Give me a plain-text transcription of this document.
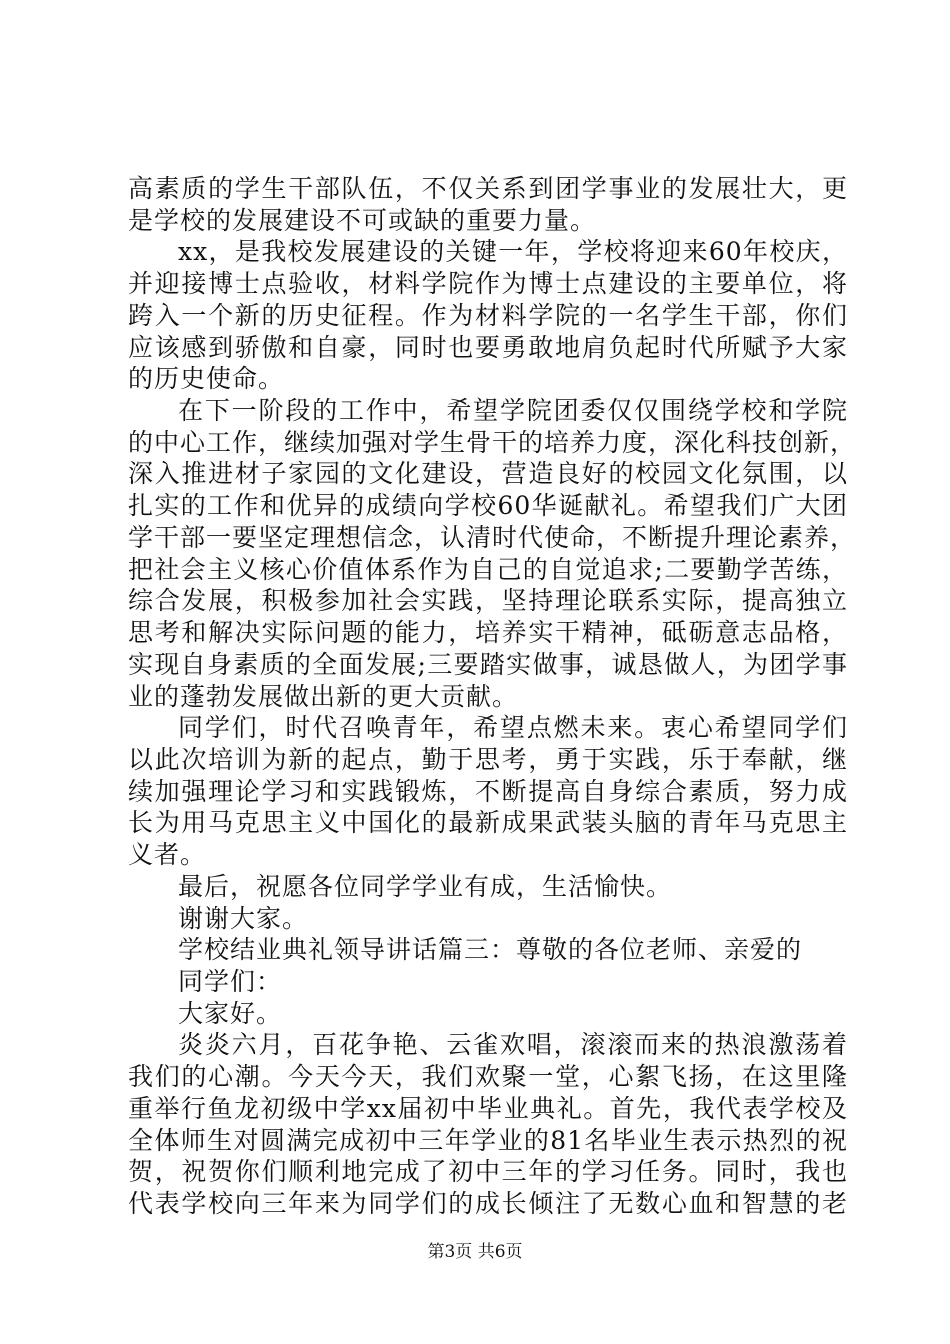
高素质的学生干部队伍，不仅关系到团学事业的发展壮大，更
是学校的发展建设不可或缺的重要力量。
xx，是我校发展建设的关键一年，学校将迎来60年校庆，
并迎接博士点验收，材料学院作为博士点建设的主要单位，将
跨入一个新的历史征程。作为材料学院的一名学生干部，你们
应该感到骄傲和自豪，同时也要勇敢地肩负起时代所赋予大家
的历史使命。
在下一阶段的工作中，希望学院团委仅仅围绕学校和学院
的中心工作，继续加强对学生骨干的培养力度，深化科技创新，
深入推进材子家园的文化建设，营造良好的校园文化氛围，以
扎实的工作和优异的成绩向学校60华诞献礼。希望我们广大团
学干部一要坚定理想信念，认清时代使命，不断提升理论素养，
把社会主义核心价值体系作为自己的自觉追求;二要勤学苦练，
综合发展，积极参加社会实践，坚持理论联系实际，提高独立
思考和解决实际问题的能力，培养实干精神，砥砺意志品格，
实现自身素质的全面发展;三要踏实做事，诚恳做人，为团学事
业的蓬勃发展做出新的更大贡献。
同学们，时代召唤青年，希望点燃未来。衷心希望同学们
以此次培训为新的起点，勤于思考，勇于实践，乐于奉献，继
续加强理论学习和实践锻炼，不断提高自身综合素质，努力成
长为用马克思主义中国化的最新成果武装头脑的青年马克思主
义者。
最后，祝愿各位同学学业有成，生活愉快。
谢谢大家。
学校结业典礼领导讲话篇三：尊敬的各位老师、亲爱的
同学们：
大家好。
炎炎六月，百花争艳、云雀欢唱，滚滚而来的热浪激荡着
我们的心潮。今天今天，我们欢聚一堂，心絮飞扬，在这里隆
重举行鱼龙初级中学xx届初中毕业典礼。首先，我代表学校及
全体师生对圆满完成初中三年学业的81名毕业生表示热烈的祝
贺，祝贺你们顺利地完成了初中三年的学习任务。同时，我也
代表学校向三年来为同学们的成长倾注了无数心血和智慧的老
第3页 共6页
